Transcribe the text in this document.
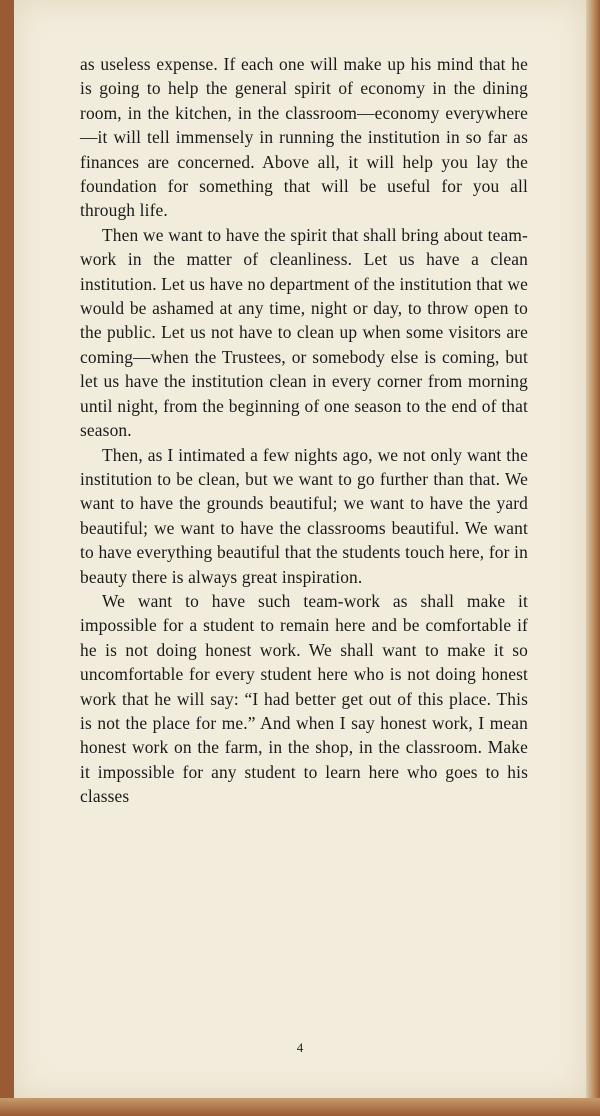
as useless expense. If each one will make up his mind that he is going to help the general spirit of economy in the dining room, in the kitchen, in the classroom—economy everywhere—it will tell immensely in running the institution in so far as finances are concerned. Above all, it will help you lay the foundation for something that will be useful for you all through life.

Then we want to have the spirit that shall bring about team-work in the matter of cleanliness. Let us have a clean institution. Let us have no department of the institution that we would be ashamed at any time, night or day, to throw open to the public. Let us not have to clean up when some visitors are coming—when the Trustees, or somebody else is coming, but let us have the institution clean in every corner from morning until night, from the beginning of one season to the end of that season.

Then, as I intimated a few nights ago, we not only want the institution to be clean, but we want to go further than that. We want to have the grounds beautiful; we want to have the yard beautiful; we want to have the classrooms beautiful. We want to have everything beautiful that the students touch here, for in beauty there is always great inspiration.

We want to have such team-work as shall make it impossible for a student to remain here and be comfortable if he is not doing honest work. We shall want to make it so uncomfortable for every student here who is not doing honest work that he will say: “I had better get out of this place. This is not the place for me.” And when I say honest work, I mean honest work on the farm, in the shop, in the classroom. Make it impossible for any student to learn here who goes to his classes

4
